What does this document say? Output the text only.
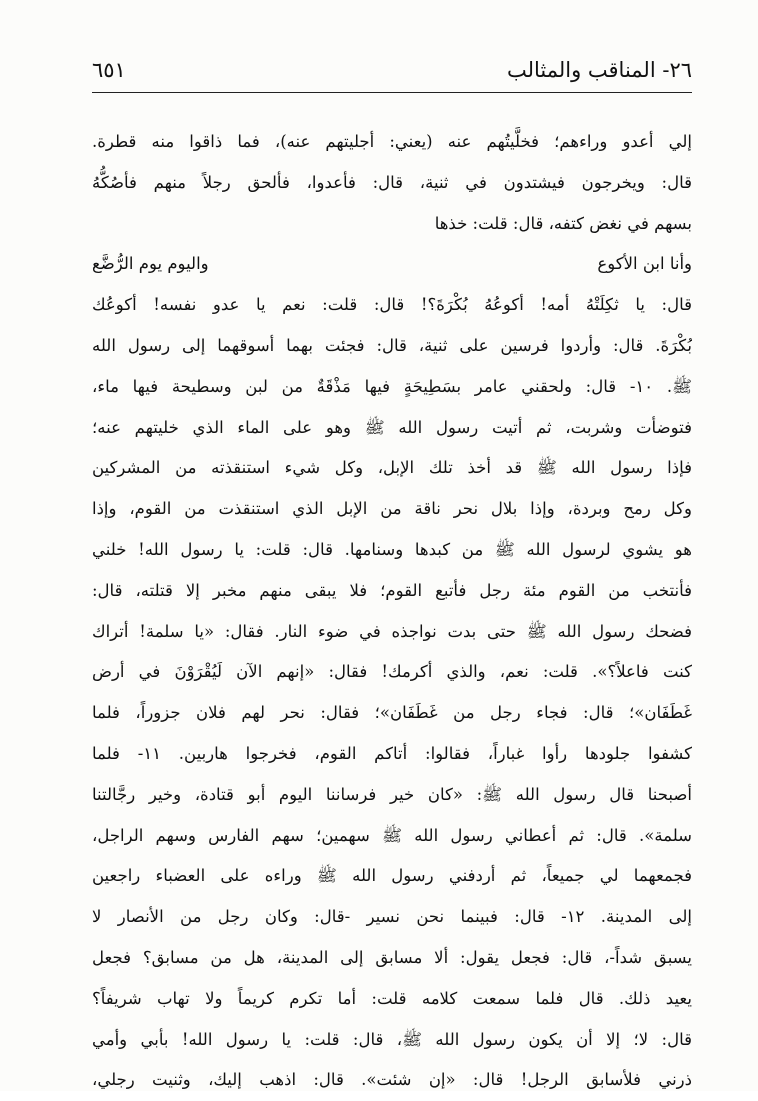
٢٦- المناقب والمثالب
٦٥١
إلي أعدو وراءهم؛ فخلَّيتُهم عنه (يعني: أجليتهم عنه)، فما ذاقوا منه قطرة.
قال: ويخرجون فيشتدون في ثنية، قال: فأعدوا، فألحق رجلاً منهم فأصُكُّهُ
بسهم في نغض كتفه، قال: قلت: خذها
وأنا ابن الأكوع
واليوم يوم الرُّضَّع
قال: يا ثكِلَتْهُ أمه! أكوعُهُ بُكْرَةَ؟! قال: قلت: نعم يا عدو نفسه! أكوعُك
بُكْرَةَ. قال: وأردوا فرسين على ثنية، قال: فجئت بهما أسوقهما إلى رسول الله
ﷺ. ١٠- قال: ولحقني عامر بسَطِيحَةٍ فيها مَذْقَةٌ من لبن وسطيحة فيها ماء،
فتوضأت وشربت، ثم أتيت رسول الله ﷺ وهو على الماء الذي خليتهم عنه؛
فإذا رسول الله ﷺ قد أخذ تلك الإبل، وكل شيء استنقذته من المشركين
وكل رمح وبردة، وإذا بلال نحر ناقة من الإبل الذي استنقذت من القوم، وإذا
هو يشوي لرسول الله ﷺ من كبدها وسنامها. قال: قلت: يا رسول الله! خلني
فأنتخب من القوم مئة رجل فأتبع القوم؛ فلا يبقى منهم مخبر إلا قتلته، قال:
فضحك رسول الله ﷺ حتى بدت نواجذه في ضوء النار. فقال: «يا سلمة! أتراك
كنت فاعلاً؟». قلت: نعم، والذي أكرمك! فقال: «إنهم الآن لَيُقْرَوْنَ في أرض
غَطَفَان»؛ قال: فجاء رجل من غَطَفَان»؛ فقال: نحر لهم فلان جزوراً، فلما
كشفوا جلودها رأوا غباراً، فقالوا: أتاكم القوم، فخرجوا هاربين. ١١- فلما
أصبحنا قال رسول الله ﷺ: «كان خير فرساننا اليوم أبو قتادة، وخير رجَّالتنا
سلمة». قال: ثم أعطاني رسول الله ﷺ سهمين؛ سهم الفارس وسهم الراجل،
فجمعهما لي جميعاً، ثم أردفني رسول الله ﷺ وراءه على العضباء راجعين
إلى المدينة. ١٢- قال: فبينما نحن نسير -قال: وكان رجل من الأنصار لا
يسبق شداً-، قال: فجعل يقول: ألا مسابق إلى المدينة، هل من مسابق؟ فجعل
يعيد ذلك. قال فلما سمعت كلامه قلت: أما تكرم كريماً ولا تهاب شريفاً؟
قال: لا؛ إلا أن يكون رسول الله ﷺ، قال: قلت: يا رسول الله! بأبي وأمي
ذرني فلأسابق الرجل! قال: «إن شئت». قال: اذهب إليك، وثنيت رجلي،
